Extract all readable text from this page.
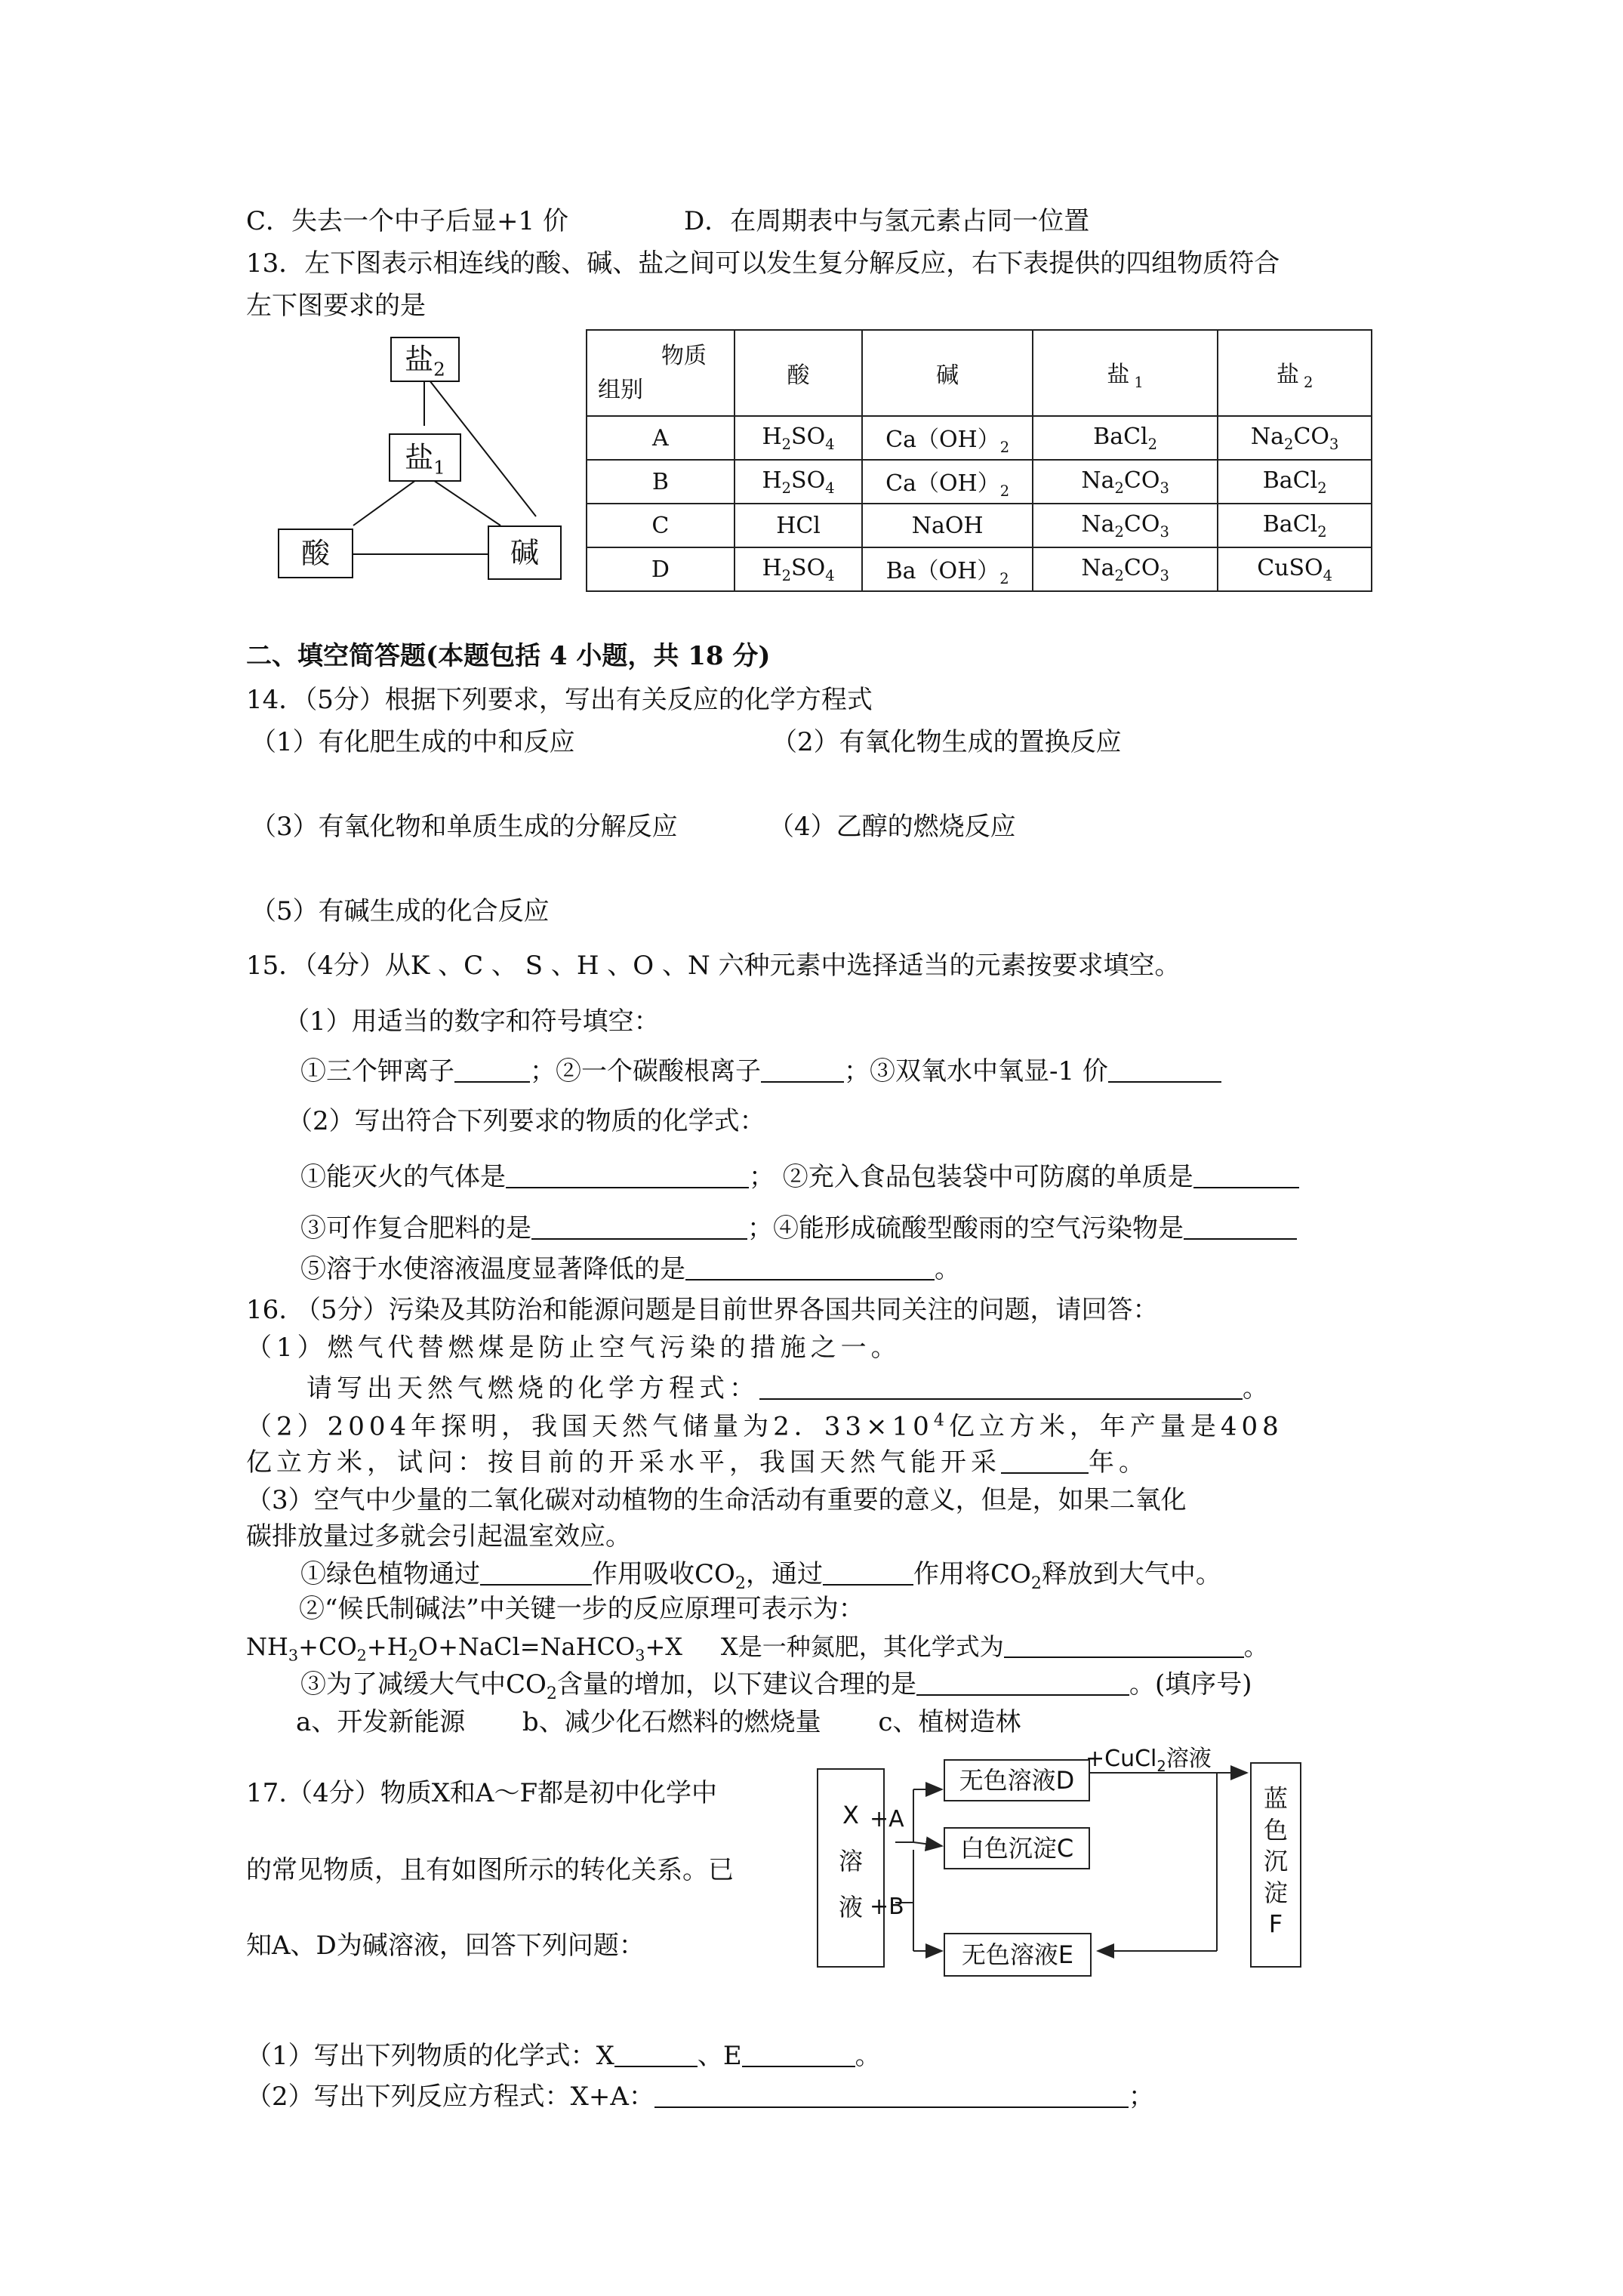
C．失去一个中子后显+1 价	D．在周期表中与氢元素占同一位置
13．左下图表示相连线的酸、碱、盐之间可以发生复分解反应，右下表提供的四组物质符合
左下图要求的是
盐$_2$
盐$_1$
酸	碱
物质
组别	酸	碱	盐 $_1$	盐 $_2$
A	$H_2SO_4$	$Ca(OH)_2$	BaCl$_2$	$Na_2CO_3$
B	$H_2SO_4$	$Ca(OH)_2$	$Na_2CO_3$	BaCl$_2$
C	HCl	NaOH	$Na_2CO_3$	BaCl$_2$
D	$H_2SO_4$	$Ba(OH)_2$	$Na_2CO_3$	CuSO$_4$
二、填空简答题(本题包括 4 小题，共 18 分)
14．（5分）根据下列要求，写出有关反应的化学方程式
（1）有化肥生成的中和反应	（2）有氧化物生成的置换反应
（3）有氧化物和单质生成的分解反应	（4）乙醇的燃烧反应
（5）有碱生成的化合反应
15．（4分）从K 、C 、 S 、H 、O 、N 六种元素中选择适当的元素按要求填空。
（1）用适当的数字和符号填空：
①三个钾离子	；②一个碳酸根离子	；③双氧水中氧显-1 价
（2）写出符合下列要求的物质的化学式：
①能灭火的气体是	； ②充入食品包装袋中可防腐的单质是
③可作复合肥料的是	；④能形成硫酸型酸雨的空气污染物是
⑤溶于水使溶液温度显著降低的是	。
16. （5分）污染及其防治和能源问题是目前世界各国共同关注的问题，请回答：
（1）燃气代替燃煤是防止空气污染的措施之一。
请写出天然气燃烧的化学方程式：	。
（2）2004年探明，我国天然气储量为2．$33\times 10^4$亿立方米，年产量是408
亿立方米，试问：按目前的开采水平，我国天然气能开采	年。
（3）空气中少量的二氧化碳对动植物的生命活动有重要的意义，但是，如果二氧化
碳排放量过多就会引起温室效应。
①绿色植物通过	作用吸收$CO_2$，通过	作用将$CO_2$释放到大气中。
②“候氏制碱法”中关键一步的反应原理可表示为：
$NH_3+CO_2+H_2O+NaCl=NaHCO_3+X$     X是一种氮肥，其化学式为	。
③为了减缓大气中$CO_2$含量的增加，以下建议合理的是	。(填序号)
a、开发新能源       b、减少化石燃料的燃烧量       c、植树造林
17.（4分）物质X和A～F都是初中化学中
的常见物质，且有如图所示的转化关系。已
知A、D为碱溶液，回答下列问题：
X
溶
液
+A
+B
无色溶液D
白色沉淀C
无色溶液E
+CuCl$_2$溶液
蓝
色
沉
淀
F
（1）写出下列物质的化学式：X	、E	。
（2）写出下列反应方程式：X+A：	；
